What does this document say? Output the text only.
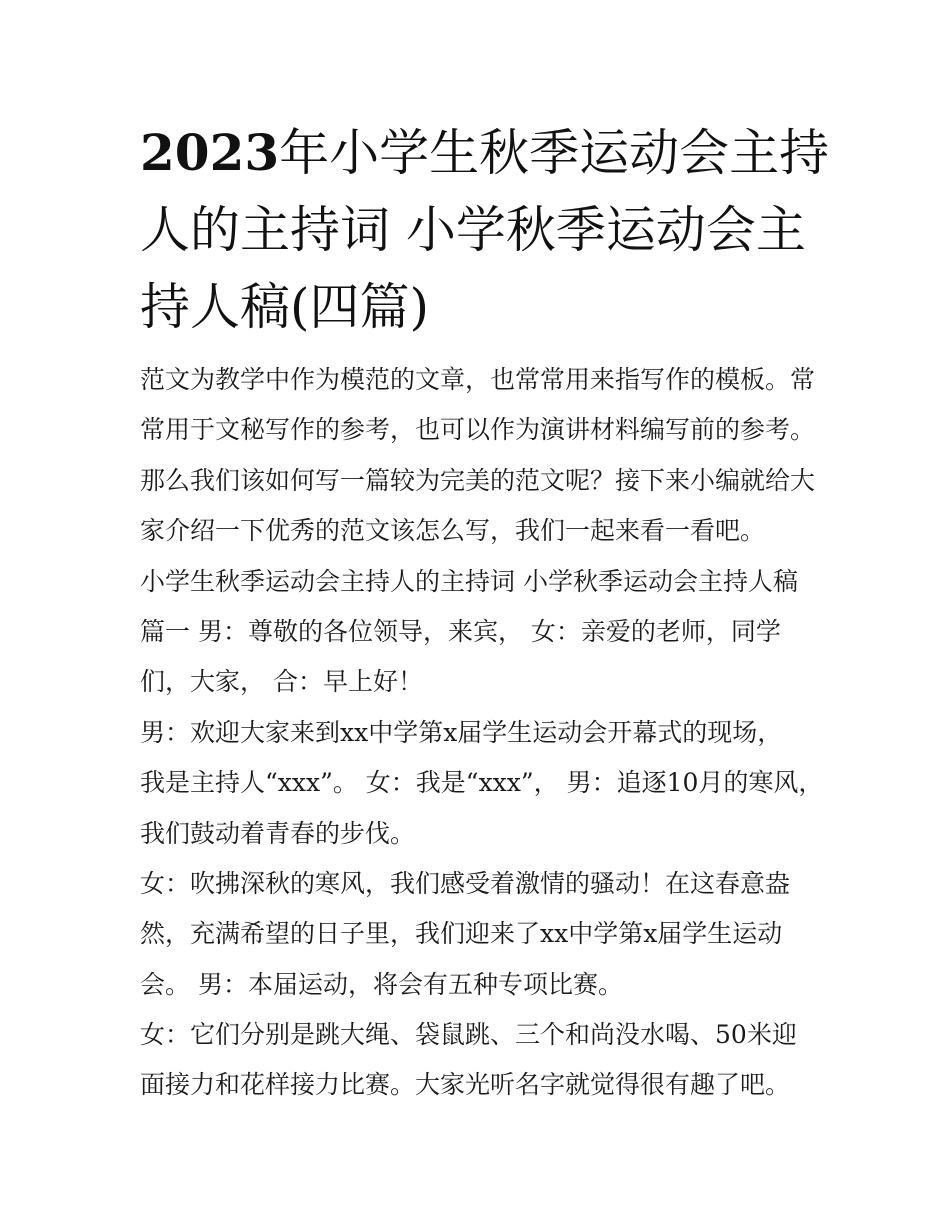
2023年小学生秋季运动会主持
人的主持词 小学秋季运动会主
持人稿(四篇)
范文为教学中作为模范的文章，也常常用来指写作的模板。常
常用于文秘写作的参考，也可以作为演讲材料编写前的参考。
那么我们该如何写一篇较为完美的范文呢？接下来小编就给大
家介绍一下优秀的范文该怎么写，我们一起来看一看吧。
小学生秋季运动会主持人的主持词 小学秋季运动会主持人稿
篇一 男：尊敬的各位领导，来宾， 女：亲爱的老师，同学
们，大家， 合：早上好！
男：欢迎大家来到xx中学第x届学生运动会开幕式的现场，
我是主持人“xxx”。 女：我是“xxx”， 男：追逐10月的寒风，
我们鼓动着青春的步伐。
女：吹拂深秋的寒风，我们感受着激情的骚动！在这春意盎
然，充满希望的日子里，我们迎来了xx中学第x届学生运动
会。 男：本届运动，将会有五种专项比赛。
女：它们分别是跳大绳、袋鼠跳、三个和尚没水喝、50米迎
面接力和花样接力比赛。大家光听名字就觉得很有趣了吧。
